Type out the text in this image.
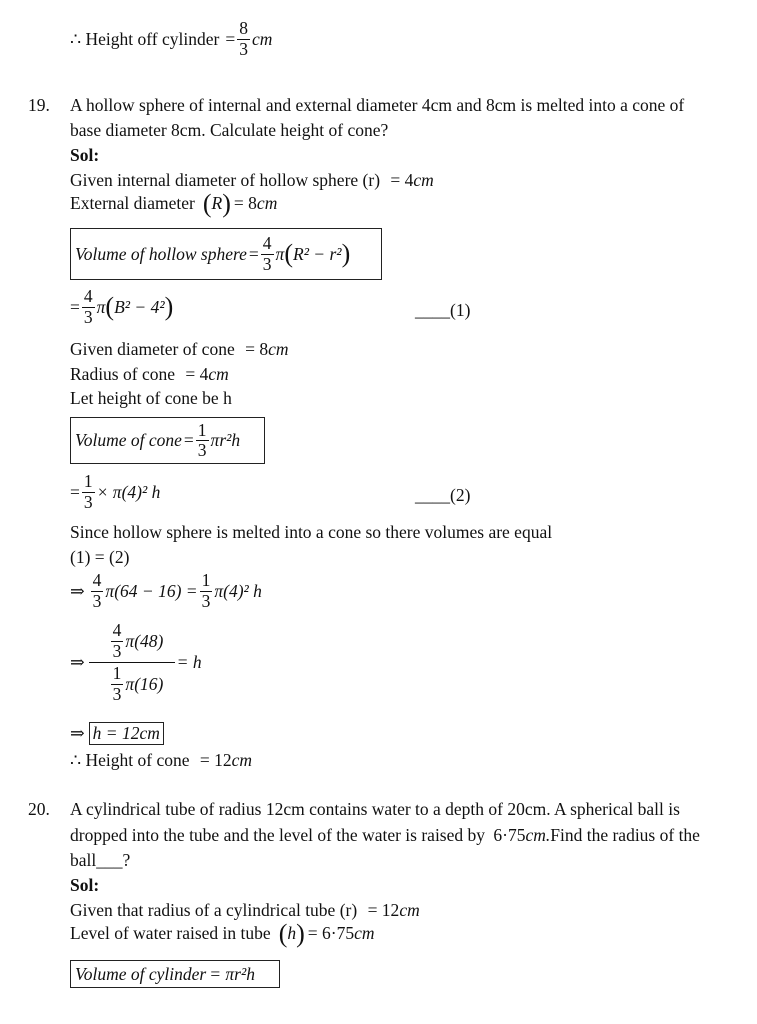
∴ Height off cylinder = $\frac{8}{3}$ cm
19. A hollow sphere of internal and external diameter 4cm and 8cm is melted into a cone of
base diameter 8cm. Calculate height of cone?
Sol:
Given internal diameter of hollow sphere (r) = 4cm
External diameter ( R ) = 8 cm
Volume of hollow sphere = $\frac{4}{3}$ π ( R² − r² )
= $\frac{4}{3}$ π ( B² − 4² )	____(1)
Given diameter of cone = 8cm
Radius of cone = 4cm
Let height of cone be h
Volume of cone = $\frac{1}{3} \pi r^2h$
= $\frac{1}{3} \times \pi(4)^2$ h	____(2)
Since hollow sphere is melted into a cone so there volumes are equal
(1) = (2)
⇒ $\frac{4}{3} \pi(64 - 16) = \frac{1}{3} \pi(4)^2$ h
⇒
$\frac{4}{3} \pi(48)$
$\frac{1}{3} \pi(16)$
= h
⇒ h = 12cm
∴ Height of cone = 12cm
20. A cylindrical tube of radius 12cm contains water to a depth of 20cm. A spherical ball is
dropped into the tube and the level of the water is raised by 6·75cm.Find the radius of the
ball___?
Sol:
Given that radius of a cylindrical tube (r) = 12cm
Level of water raised in tube ( h ) = 6·75 cm
Volume of cylinder = πr²h
